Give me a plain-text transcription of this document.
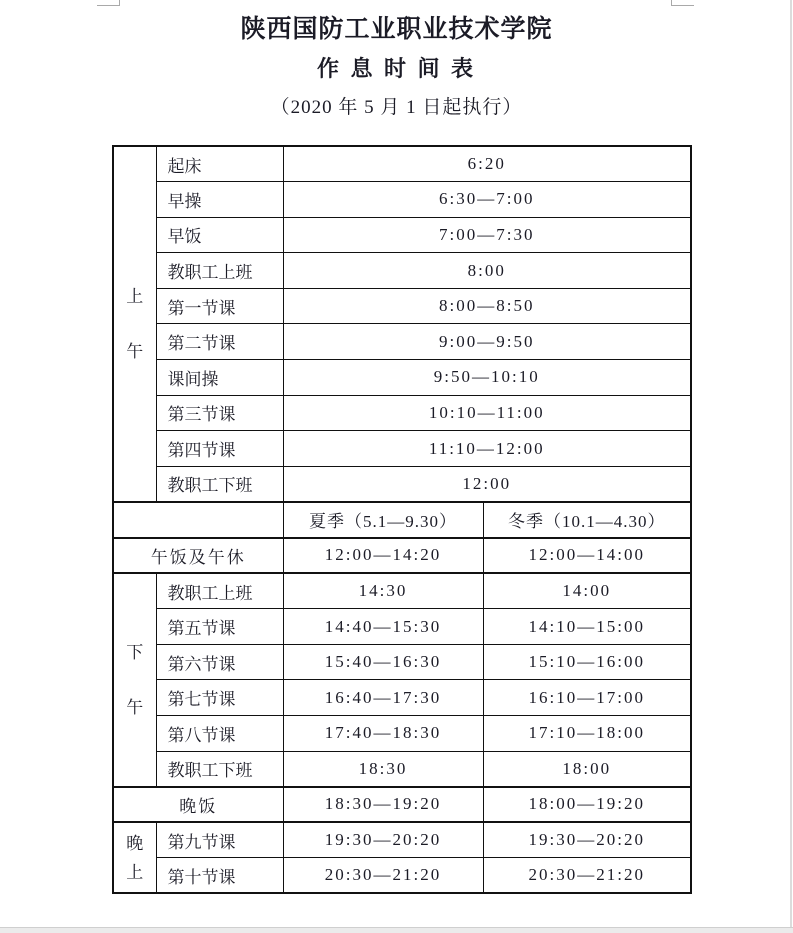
陕西国防工业职业技术学院
作 息 时 间 表
（2020 年 5 月 1 日起执行）
上
午	起床	6:20	
	早操	6:30—7:00	
	早饭	7:00—7:30	
	教职工上班	8:00	
	第一节课	8:00—8:50	
	第二节课	9:00—9:50	
	课间操	9:50—10:10	
	第三节课	10:10—11:00	
	第四节课	11:10—12:00	
	教职工下班	12:00	
		夏季（5.1—9.30）	冬季（10.1—4.30）
午饭及午休		12:00—14:20	12:00—14:00

下
午	教职工上班	14:30	14:00
	第五节课	14:40—15:30	14:10—15:00
	第六节课	15:40—16:30	15:10—16:00
	第七节课	16:40—17:30	16:10—17:00
	第八节课	17:40—18:30	17:10—18:00
	教职工下班	18:30	18:00
晚饭		18:30—19:20	18:00—19:20

晚
上	第九节课	19:30—20:20	19:30—20:20
	第十节课	20:30—21:20	20:30—21:20
